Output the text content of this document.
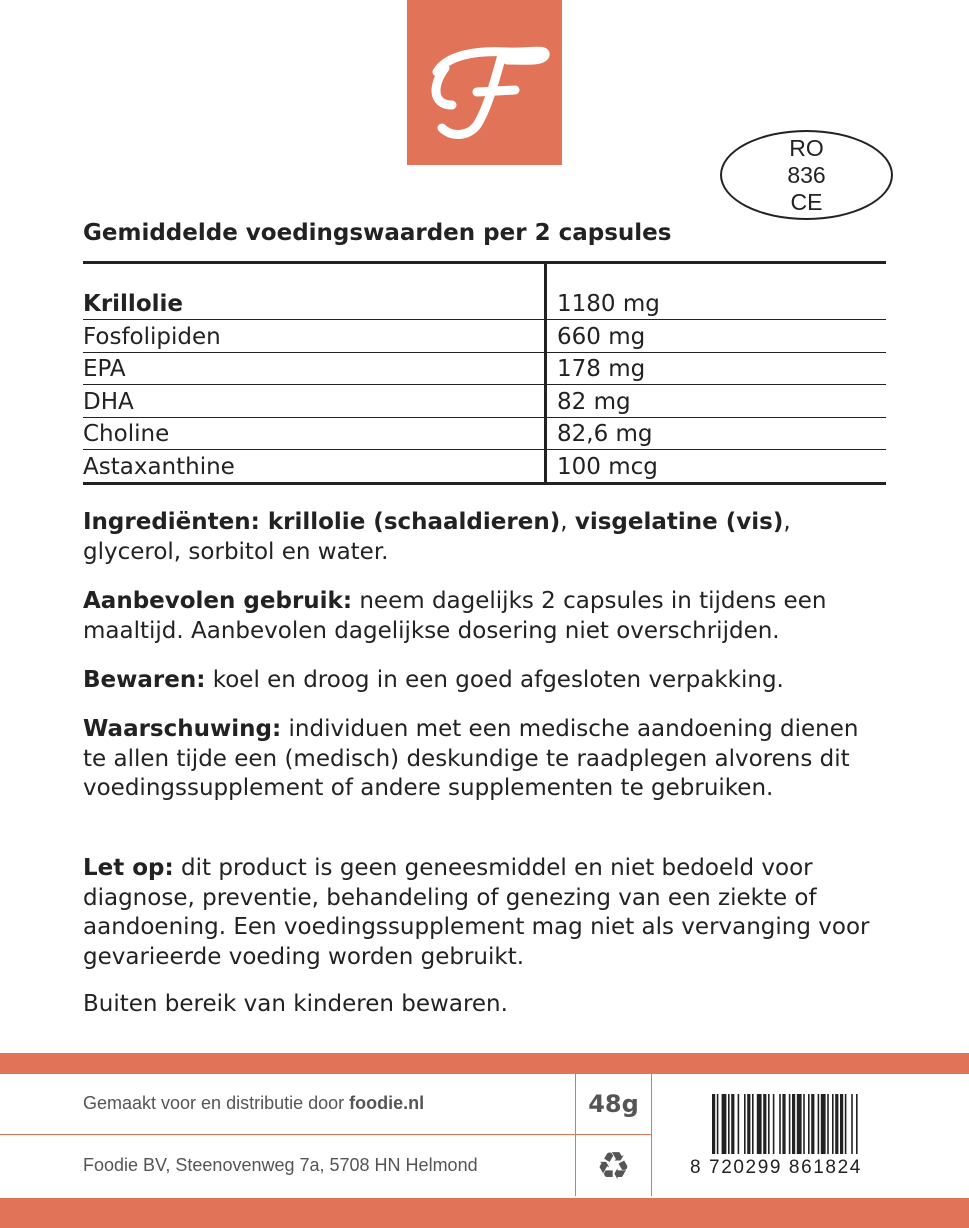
RO
836
CE
Gemiddelde voedingswaarden per 2 capsules
Krillolie	1180 mg
Fosfolipiden	660 mg
EPA	178 mg
DHA	82 mg
Choline	82,6 mg
Astaxanthine	100 mcg
Ingrediënten: krillolie (schaaldieren), visgelatine (vis), glycerol, sorbitol en water.
Aanbevolen gebruik: neem dagelijks 2 capsules in tijdens een maaltijd. Aanbevolen dagelijkse dosering niet overschrijden.
Bewaren: koel en droog in een goed afgesloten verpakking.
Waarschuwing: individuen met een medische aandoening dienen te allen tijde een (medisch) deskundige te raadplegen alvorens dit voedingssupplement of andere supplementen te gebruiken.
Let op: dit product is geen geneesmiddel en niet bedoeld voor diagnose, preventie, behandeling of genezing van een ziekte of aandoening. Een voedingssupplement mag niet als vervanging voor gevarieerde voeding worden gebruikt.
Buiten bereik van kinderen bewaren.
Gemaakt voor en distributie door foodie.nl
Foodie BV, Steenovenweg 7a, 5708 HN Helmond
48g
♻	8 720299 861824
